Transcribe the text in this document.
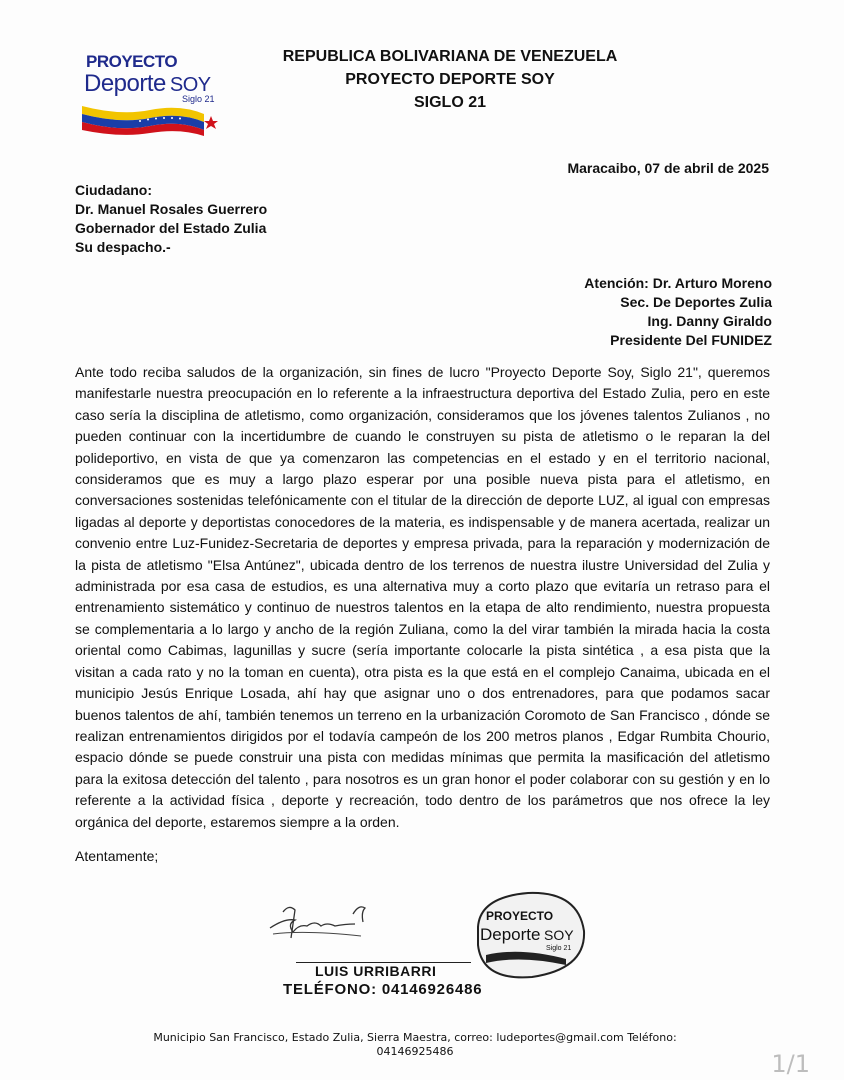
PROYECTO
Deporte SOY
Siglo 21
REPUBLICA BOLIVARIANA DE VENEZUELA
PROYECTO DEPORTE SOY
SIGLO 21
Maracaibo, 07 de abril de 2025
Ciudadano:
Dr. Manuel Rosales Guerrero
Gobernador del Estado Zulia
Su despacho.-
Atención: Dr. Arturo Moreno
Sec. De Deportes Zulia
Ing. Danny Giraldo
Presidente Del FUNIDEZ
Ante todo reciba saludos de la organización, sin fines de lucro "Proyecto Deporte Soy, Siglo 21", queremos manifestarle nuestra preocupación en lo referente a la infraestructura deportiva del Estado Zulia, pero en este caso sería la disciplina de atletismo, como organización, consideramos que los jóvenes talentos Zulianos , no pueden continuar con la incertidumbre de cuando le construyen su pista de atletismo o le reparan la del polideportivo, en vista de que ya comenzaron las competencias en el estado y en el territorio nacional, consideramos que es muy a largo plazo esperar por una posible nueva pista para el atletismo, en conversaciones sostenidas telefónicamente con el titular de la dirección de deporte LUZ, al igual con empresas ligadas al deporte y deportistas conocedores de la materia, es indispensable y de manera acertada, realizar un convenio entre Luz-Funidez-Secretaria de deportes y empresa privada, para la reparación y modernización de la pista de atletismo "Elsa Antúnez", ubicada dentro de los terrenos de nuestra ilustre Universidad del Zulia y administrada por esa casa de estudios, es una alternativa muy a corto plazo que evitaría un retraso para el entrenamiento sistemático y continuo de nuestros talentos en la etapa de alto rendimiento, nuestra propuesta se complementaria a lo largo y ancho de la región Zuliana, como la del virar también la mirada hacia la costa oriental como Cabimas, lagunillas y sucre (sería importante colocarle la pista sintética , a esa pista que la visitan a cada rato y no la toman en cuenta), otra pista es la que está en el complejo Canaima, ubicada en el municipio Jesús Enrique Losada, ahí hay que asignar uno o dos entrenadores, para que podamos sacar buenos talentos de ahí, también tenemos un terreno en la urbanización Coromoto de San Francisco , dónde se realizan entrenamientos dirigidos por el todavía campeón de los 200 metros planos , Edgar Rumbita Chourio, espacio dónde se puede construir una pista con medidas mínimas que permita la masificación del atletismo para la exitosa detección del talento , para nosotros es un gran honor el poder colaborar con su gestión y en lo referente a la actividad física , deporte y recreación, todo dentro de los parámetros que nos ofrece la ley orgánica del deporte, estaremos siempre a la orden.
Atentamente;
LUIS URRIBARRI
TELÉFONO: 04146926486
PROYECTO
Deporte SOY
Siglo 21
Municipio San Francisco, Estado Zulia, Sierra Maestra, correo: ludeportes@gmail.com Teléfono:
04146925486	1/1
